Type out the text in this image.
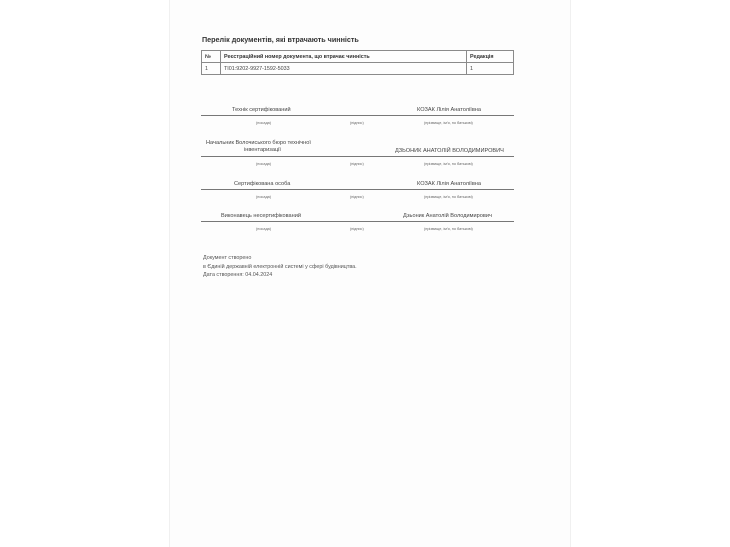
Перелік документів, які втрачають чинність
№	Реєстраційний номер документа, що втрачає чинність	Редакція
1	ТІ01:9202-9927-1592-5033	1
Технік сертифікований	КОЗАК Лілія Анатоліївна
(посада)	(підпис)	(прізвище, ім'я, по батькові)
Начальник Волочиського бюро технічної
інвентаризації	ДЗЬОНИК АНАТОЛІЙ ВОЛОДИМИРОВИЧ
(посада)	(підпис)	(прізвище, ім'я, по батькові)
Сертифікована особа	КОЗАК Лілія Анатоліївна
(посада)	(підпис)	(прізвище, ім'я, по батькові)
Виконавець несертифікований	Дзьоник Анатолій Володимирович
(посада)	(підпис)	(прізвище, ім'я, по батькові)
Документ створено
в Єдиній державній електронній системі у сфері будівництва.
Дата створення: 04.04.2024
